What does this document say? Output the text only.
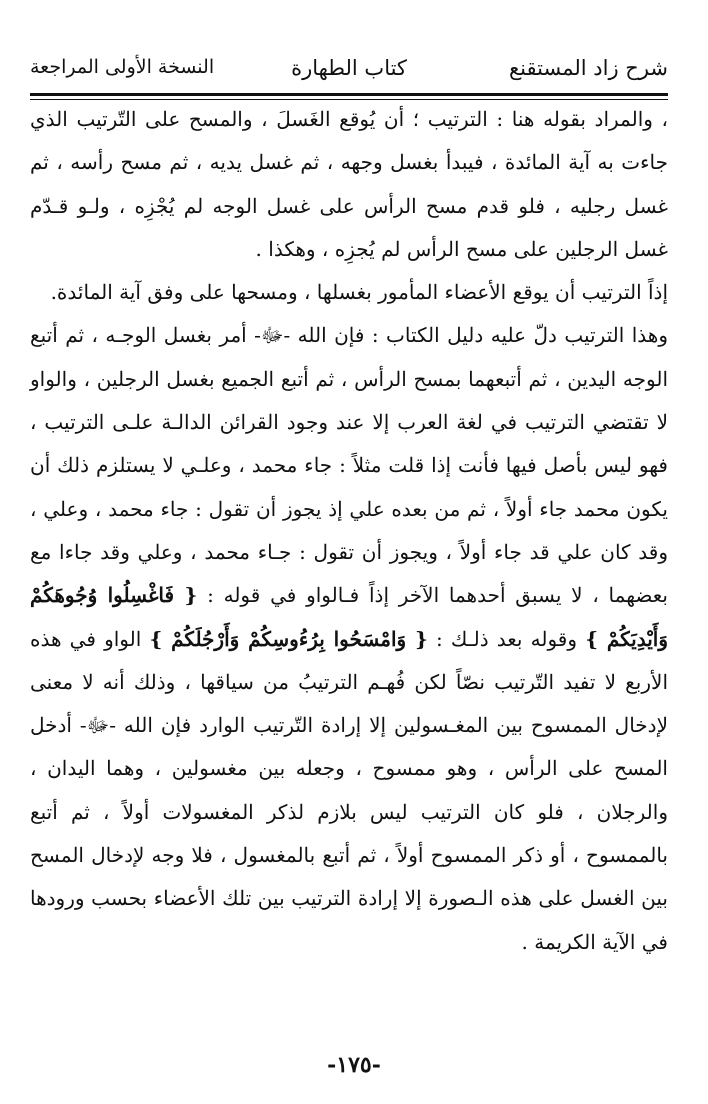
شرح زاد المستقنع
كتاب الطهارة
النسخة الأولى المراجعة

، والمراد بقوله هنا : الترتيب ؛ أن يُوقع الغَسلَ ، والمسح على التّرتيب الذي جاءت به آية المائدة ، فيبدأ بغسل وجهه ، ثم غسل يديه ، ثم مسح رأسه ، ثم غسل رجليه ، فلو قدم مسح الرأس على غسل الوجه لم يُجْزِه ، ولـو قـدّم غسل الرجلين على مسح الرأس لم يُجزِه ، وهكذا .

إذاً الترتيب أن يوقع الأعضاء المأمور بغسلها ، ومسحها على وفق آية المائدة.

وهذا الترتيب دلّ عليه دليل الكتاب : فإن الله -ﷻ- أمر بغسل الوجـه ، ثم أتبع الوجه اليدين ، ثم أتبعهما بمسح الرأس ، ثم أتبع الجميع بغسل الرجلين ، والواو لا تقتضي الترتيب في لغة العرب إلا عند وجود القرائن الدالـة علـى الترتيب ، فهو ليس بأصل فيها فأنت إذا قلت مثلاً : جاء محمد ، وعلـي لا يستلزم ذلك أن يكون محمد جاء أولاً ، ثم من بعده علي إذ يجوز أن تقول : جاء محمد ، وعلي ، وقد كان علي قد جاء أولاً ، ويجوز أن تقول : جـاء محمد ، وعلي وقد جاءا مع بعضهما ، لا يسبق أحدهما الآخر إذاً فـالواو في قوله : { فَاغْسِلُوا وُجُوهَكُمْ وَأَيْدِيَكُمْ } وقوله بعد ذلـك : { وَامْسَحُوا بِرُءُوسِكُمْ وَأَرْجُلَكُمْ } الواو في هذه الأربع لا تفيد التّرتيب نصّاً لكن فُهـم الترتيبُ من سياقها ، وذلك أنه لا معنى لإدخال الممسوح بين المغـسولين إلا إرادة التّرتيب الوارد فإن الله -ﷻ- أدخل المسح على الرأس ، وهو ممسوح ، وجعله بين مغسولين ، وهما اليدان ، والرجلان ، فلو كان الترتيب ليس بلازم لذكر المغسولات أولاً ، ثم أتبع بالممسوح ، أو ذكر الممسوح أولاً ، ثم أتبع بالمغسول ، فلا وجه لإدخال المسح بين الغسل على هذه الـصورة إلا إرادة الترتيب بين تلك الأعضاء بحسب ورودها في الآية الكريمة .

-١٧٥-
